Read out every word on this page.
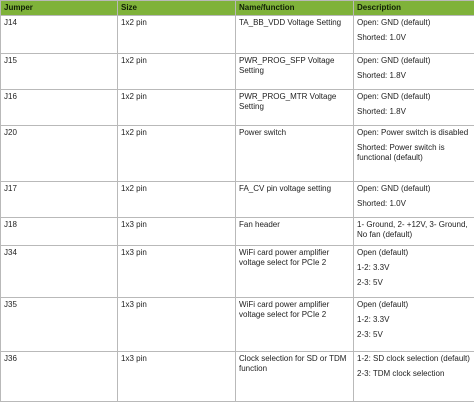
Jumper	Size	Name/function	Description
J14	1x2 pin	TA_BB_VDD Voltage Setting	Open: GND (default)

Shorted: 1.0V

J15	1x2 pin	PWR_PROG_SFP Voltage Setting	Open: GND (default)

Shorted: 1.8V

J16	1x2 pin	PWR_PROG_MTR Voltage Setting	Open: GND (default)

Shorted: 1.8V

J20	1x2 pin	Power switch	Open: Power switch is disabled

Shorted: Power switch is functional (default)

J17	1x2 pin	FA_CV pin voltage setting	Open: GND (default)

Shorted: 1.0V

J18	1x3 pin	Fan header	1- Ground, 2- +12V, 3- Ground, No fan (default)

J34	1x3 pin	WiFi card power amplifier voltage select for PCIe 2	Open (default)

1-2: 3.3V

2-3: 5V

J35	1x3 pin	WiFi card power amplifier voltage select for PCIe 2	Open (default)

1-2: 3.3V

2-3: 5V

J36	1x3 pin	Clock selection for SD or TDM function	1-2: SD clock selection (default)

2-3: TDM clock selection
